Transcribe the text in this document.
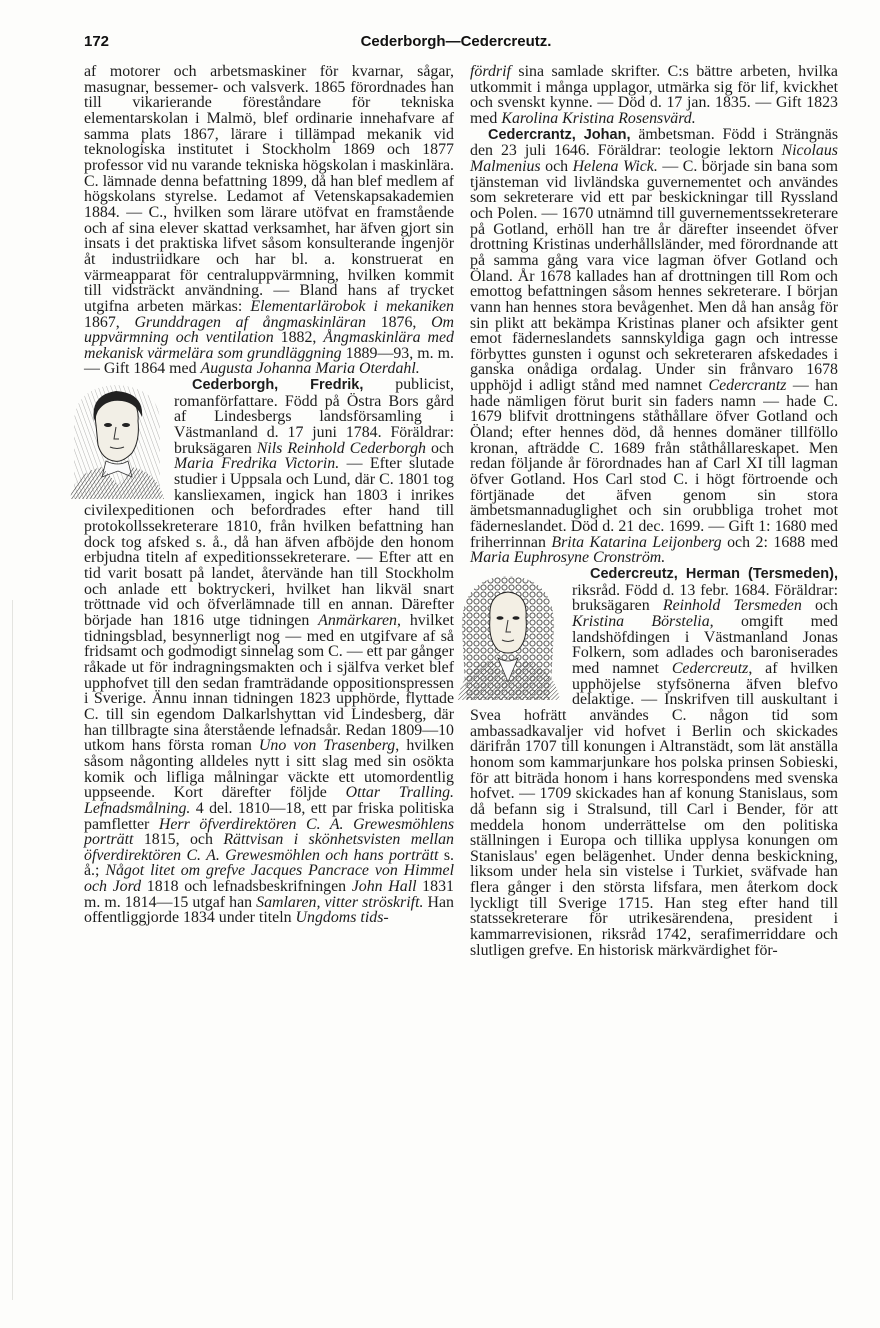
172	Cederborgh—Cedercreutz.

af motorer och arbetsmaskiner för kvarnar, sågar, masugnar, bessemer- och valsverk. 1865 förordnades han till vikarierande föreståndare för tekniska elementarskolan i Malmö, blef ordinarie innehafvare af samma plats 1867, lärare i tillämpad mekanik vid teknologiska institutet i Stockholm 1869 och 1877 professor vid nu varande tekniska högskolan i maskinlära. C. lämnade denna befattning 1899, då han blef medlem af högskolans styrelse. Ledamot af Vetenskapsakademien 1884. — C., hvilken som lärare utöfvat en framstående och af sina elever skattad verksamhet, har äfven gjort sin insats i det praktiska lifvet såsom konsulterande ingenjör åt industriidkare och har bl. a. konstruerat en värmeapparat för centraluppvärmning, hvilken kommit till vidsträckt användning. — Bland hans af trycket utgifna arbeten märkas: Elementarlärobok i mekaniken 1867, Grunddragen af ångmaskinläran 1876, Om uppvärmning och ventilation 1882, Ångmaskinlära med mekanisk värmelära som grundläggning 1889—93, m. m. — Gift 1864 med Augusta Johanna Maria Oterdahl.

Cederborgh, Fredrik,
publicist, romanförfattare. Född på Östra Bors gård af Lindesbergs landsförsamling i Västmanland d. 17 juni 1784. Föräldrar: bruksägaren Nils Reinhold Cederborgh och Maria Fredrika Victorin. — Efter slutade studier i Uppsala och Lund, där C. 1801 tog kansliexamen, ingick han 1803 i inrikes civilexpeditionen och befordrades efter hand till protokollssekreterare 1810, från hvilken befattning han dock tog afsked s. å., då han äfven afböjde den honom erbjudna titeln af expeditionssekreterare. — Efter att en tid varit bosatt på landet, återvände han till Stockholm och anlade ett boktryckeri, hvilket han likväl snart tröttnade vid och öfverlämnade till en annan. Därefter började han 1816 utge tidningen Anmärkaren, hvilket tidningsblad, besynnerligt nog — med en utgifvare af så fridsamt och godmodigt sinnelag som C. — ett par gånger råkade ut för indragningsmakten och i själfva verket blef upphofvet till den sedan framträdande oppositionspressen i Sverige. Ännu innan tidningen 1823 upphörde, flyttade C. till sin egendom Dalkarlshyttan vid Lindesberg, där han tillbragte sina återstående lefnadsår. Redan 1809—10 utkom hans första roman Uno von Trasenberg, hvilken såsom någonting alldeles nytt i sitt slag med sin osökta komik och lifliga målningar väckte ett utomordentlig uppseende. Kort därefter följde Ottar Tralling. Lefnadsmålning. 4 del. 1810—18, ett par friska politiska pamfletter Herr öfverdirektören C. A. Grewesmöhlens porträtt 1815, och Rättvisan i skönhetsvisten mellan öfverdirektören C. A. Grewesmöhlen och hans porträtt s. å.; Något litet om grefve Jacques Pancrace von Himmel och Jord 1818 och lefnadsbeskrifningen John Hall 1831 m. m. 1814—15 utgaf han Samlaren, vitter ströskrift. Han offentliggjorde 1834 under titeln Ungdoms tids-

fördrif sina samlade skrifter. C:s bättre arbeten, hvilka utkommit i många upplagor, utmärka sig för lif, kvickhet och svenskt kynne. — Död d. 17 jan. 1835. — Gift 1823 med Karolina Kristina Rosensvärd.

Cedercrantz, Johan, ämbetsman. Född i Strängnäs den 23 juli 1646. Föräldrar: teologie lektorn Nicolaus Malmenius och Helena Wick. — C. började sin bana som tjänsteman vid livländska guvernementet och användes som sekreterare vid ett par beskickningar till Ryssland och Polen. — 1670 utnämnd till guvernementssekreterare på Gotland, erhöll han tre år därefter inseendet öfver drottning Kristinas underhållsländer, med förordnande att på samma gång vara vice lagman öfver Gotland och Öland. År 1678 kallades han af drottningen till Rom och emottog befattningen såsom hennes sekreterare. I början vann han hennes stora bevågenhet. Men då han ansåg för sin plikt att bekämpa Kristinas planer och afsikter gent emot fäderneslandets sannskyldiga gagn och intresse förbyttes gunsten i ogunst och sekreteraren afskedades i ganska onådiga ordalag. Under sin frånvaro 1678 upphöjd i adligt stånd med namnet Cedercrantz — han hade nämligen förut burit sin faders namn — hade C. 1679 blifvit drottningens ståthållare öfver Gotland och Öland; efter hennes död, då hennes domäner tillföllo kronan, afträdde C. 1689 från ståthållareskapet. Men redan följande år förordnades han af Carl XI till lagman öfver Gotland. Hos Carl stod C. i högt förtroende och förtjänade det äfven genom sin stora ämbetsmannaduglighet och sin orubbliga trohet mot fäderneslandet. Död d. 21 dec. 1699. — Gift 1: 1680 med friherrinnan Brita Katarina Leijonberg och 2: 1688 med Maria Euphrosyne Cronström.

Cedercreutz, Herman (Tersmeden),
riksråd. Född d. 13 febr. 1684. Föräldrar: bruksägaren Reinhold Tersmeden och Kristina Börstelia, omgift med landshöfdingen i Västmanland Jonas Folkern, som adlades och baroniserades med namnet Cedercreutz, af hvilken upphöjelse styfsönerna äfven blefvo delaktige. — Inskrifven till auskultant i Svea hofrätt användes C. någon tid som ambassadkavaljer vid hofvet i Berlin och skickades därifrån 1707 till konungen i Altranstädt, som lät anställa honom som kammarjunkare hos polska prinsen Sobieski, för att biträda honom i hans korrespondens med svenska hofvet. — 1709 skickades han af konung Stanislaus, som då befann sig i Stralsund, till Carl i Bender, för att meddela honom underrättelse om den politiska ställningen i Europa och tillika upplysa konungen om Stanislaus' egen belägenhet. Under denna beskickning, liksom under hela sin vistelse i Turkiet, sväfvade han flera gånger i den största lifsfara, men återkom dock lyckligt till Sverige 1715. Han steg efter hand till statssekreterare för utrikesärendena, president i kammarrevisionen, riksråd 1742, serafimerriddare och slutligen grefve. En historisk märkvärdighet för-
